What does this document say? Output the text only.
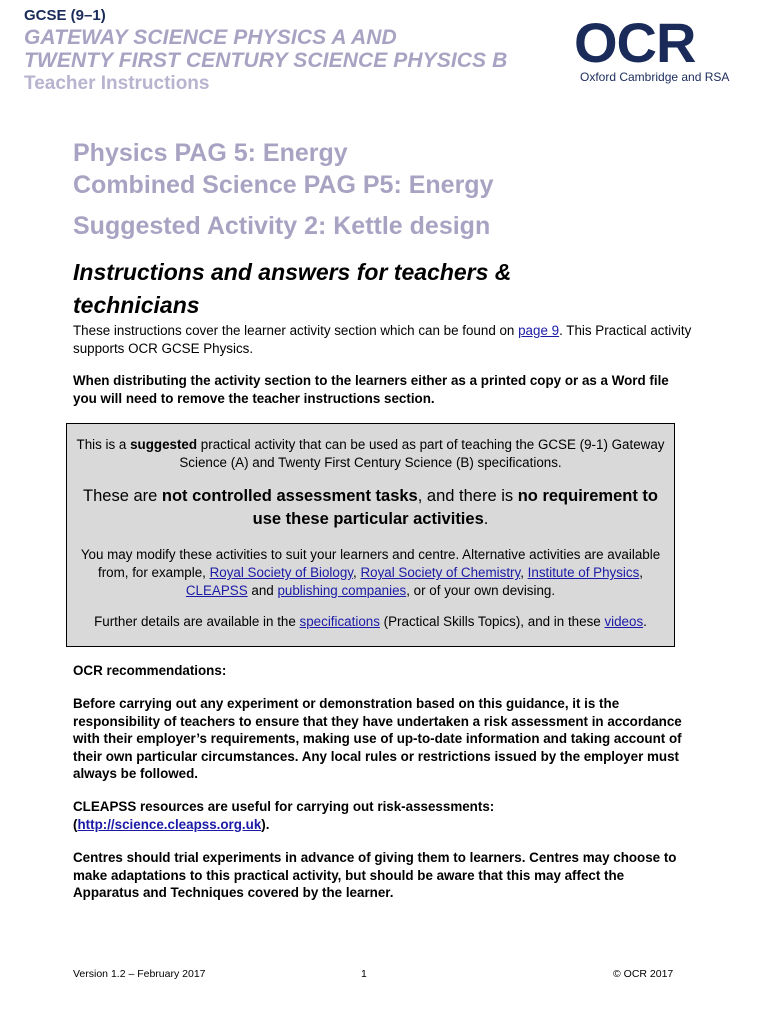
GCSE (9–1)
GATEWAY SCIENCE PHYSICS A AND
TWENTY FIRST CENTURY SCIENCE PHYSICS B
Teacher Instructions
OCR
Oxford Cambridge and RSA
Physics PAG 5: Energy
Combined Science PAG P5: Energy
Suggested Activity 2: Kettle design
Instructions and answers for teachers & technicians
These instructions cover the learner activity section which can be found on page 9. This Practical activity supports OCR GCSE Physics.
When distributing the activity section to the learners either as a printed copy or as a Word file you will need to remove the teacher instructions section.
This is a suggested practical activity that can be used as part of teaching the GCSE (9-1) Gateway Science (A) and Twenty First Century Science (B) specifications.
These are not controlled assessment tasks, and there is no requirement to use these particular activities.
You may modify these activities to suit your learners and centre. Alternative activities are available from, for example, Royal Society of Biology, Royal Society of Chemistry, Institute of Physics, CLEAPSS and publishing companies, or of your own devising.
Further details are available in the specifications (Practical Skills Topics), and in these videos.
OCR recommendations:
Before carrying out any experiment or demonstration based on this guidance, it is the responsibility of teachers to ensure that they have undertaken a risk assessment in accordance with their employer’s requirements, making use of up-to-date information and taking account of their own particular circumstances. Any local rules or restrictions issued by the employer must always be followed.
CLEAPSS resources are useful for carrying out risk-assessments: (http://science.cleapss.org.uk).
Centres should trial experiments in advance of giving them to learners. Centres may choose to make adaptations to this practical activity, but should be aware that this may affect the Apparatus and Techniques covered by the learner.
Version 1.2 – February 2017	1	© OCR 2017
